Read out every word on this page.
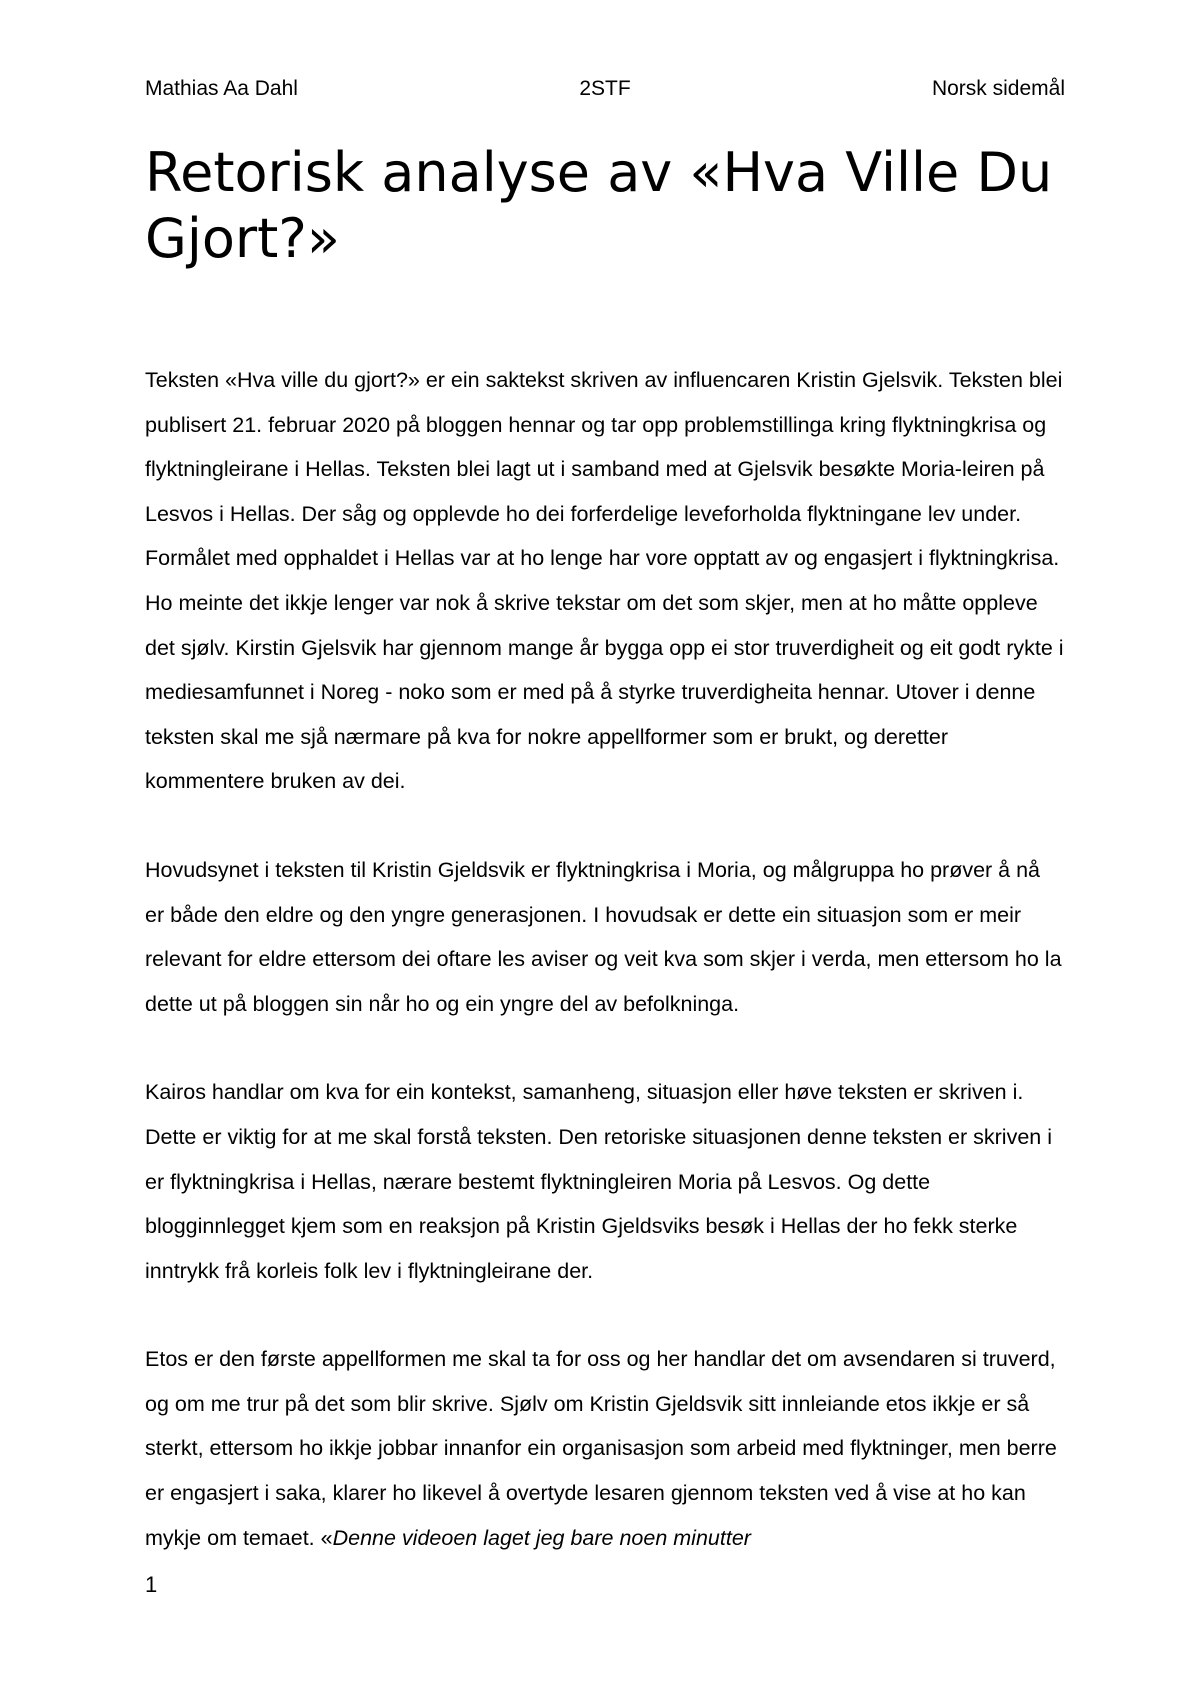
Mathias Aa Dahl	2STF	Norsk sidemål
Retorisk analyse av «Hva Ville Du Gjort?»

Teksten «Hva ville du gjort?» er ein saktekst skriven av influencaren Kristin Gjelsvik. Teksten blei publisert 21. februar 2020 på bloggen hennar og tar opp problemstillinga kring flyktningkrisa og flyktningleirane i Hellas. Teksten blei lagt ut i samband med at Gjelsvik besøkte Moria-leiren på Lesvos i Hellas. Der såg og opplevde ho dei forferdelige leveforholda flyktningane lev under. Formålet med opphaldet i Hellas var at ho lenge har vore opptatt av og engasjert i flyktningkrisa. Ho meinte det ikkje lenger var nok å skrive tekstar om det som skjer, men at ho måtte oppleve det sjølv. Kirstin Gjelsvik har gjennom mange år bygga opp ei stor truverdigheit og eit godt rykte i mediesamfunnet i Noreg - noko som er med på å styrke truverdigheita hennar. Utover i denne teksten skal me sjå nærmare på kva for nokre appellformer som er brukt, og deretter kommentere bruken av dei.

Hovudsynet i teksten til Kristin Gjeldsvik er flyktningkrisa i Moria, og målgruppa ho prøver å nå er både den eldre og den yngre generasjonen. I hovudsak er dette ein situasjon som er meir relevant for eldre ettersom dei oftare les aviser og veit kva som skjer i verda, men ettersom ho la dette ut på bloggen sin når ho og ein yngre del av befolkninga.

Kairos handlar om kva for ein kontekst, samanheng, situasjon eller høve teksten er skriven i. Dette er viktig for at me skal forstå teksten. Den retoriske situasjonen denne teksten er skriven i er flyktningkrisa i Hellas, nærare bestemt flyktningleiren Moria på Lesvos. Og dette blogginnlegget kjem som en reaksjon på Kristin Gjeldsviks besøk i Hellas der ho fekk sterke inntrykk frå korleis folk lev i flyktningleirane der.

Etos er den første appellformen me skal ta for oss og her handlar det om avsendaren si truverd, og om me trur på det som blir skrive. Sjølv om Kristin Gjeldsvik sitt innleiande etos ikkje er så sterkt, ettersom ho ikkje jobbar innanfor ein organisasjon som arbeid med flyktninger, men berre er engasjert i saka, klarer ho likevel å overtyde lesaren gjennom teksten ved å vise at ho kan mykje om temaet. «Denne videoen laget jeg bare noen minutter

1
